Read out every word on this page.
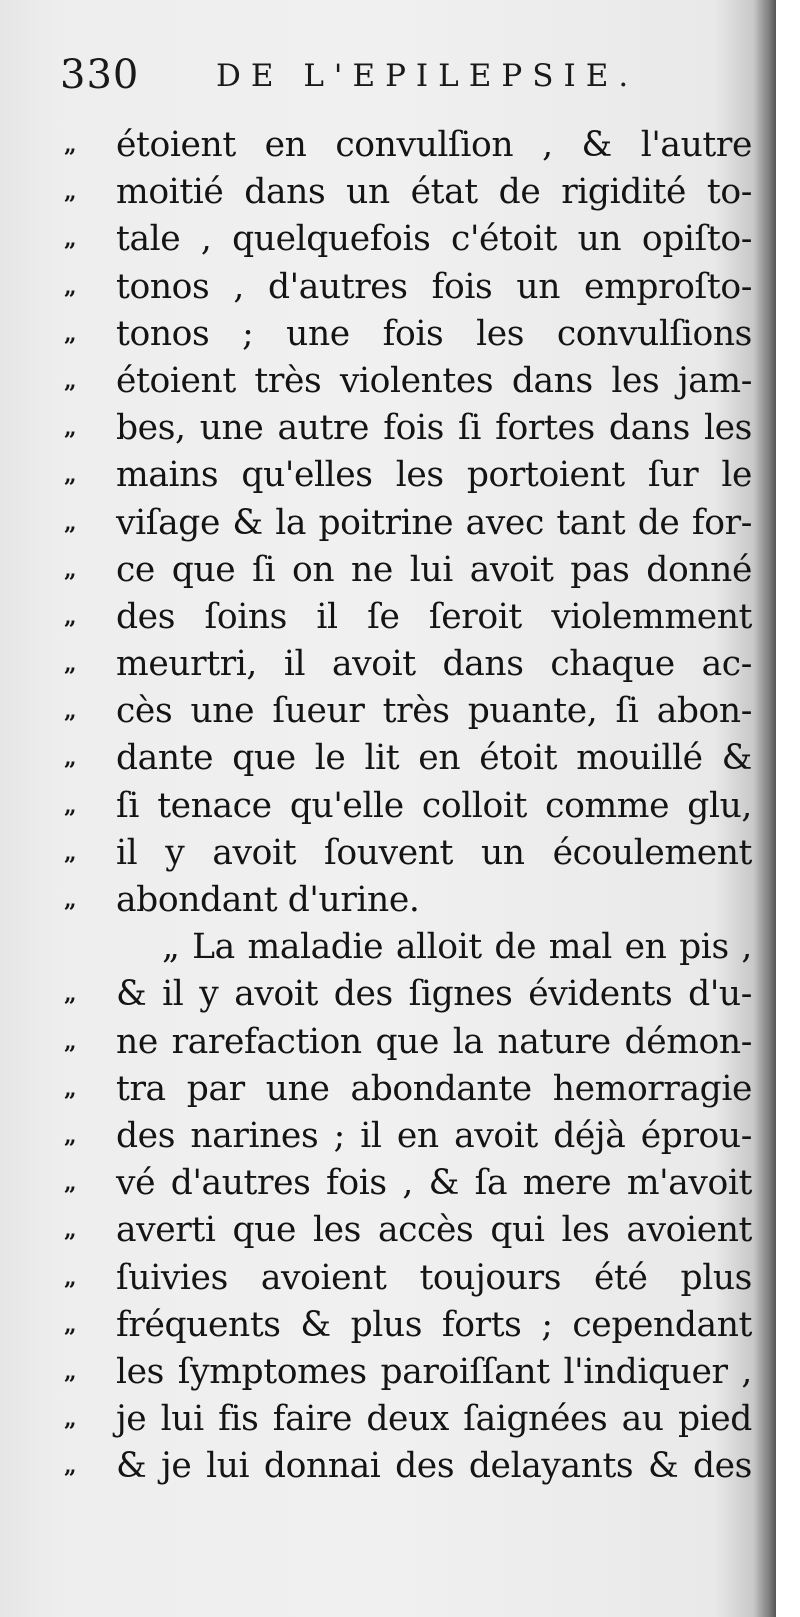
330 DE L'EPILEPSIE.
„	étoient en convulſion , & l'autre
„	moitié dans un état de rigidité to-
„	tale , quelquefois c'étoit un opiſto-
„	tonos , d'autres fois un emproſto-
„	tonos ; une fois les convulſions
„	étoient très violentes dans les jam-
„	bes, une autre fois ſi fortes dans les
„	mains qu'elles les portoient ſur le
„	viſage & la poitrine avec tant de for-
„	ce que ſi on ne lui avoit pas donné
„	des ſoins il ſe ſeroit violemment
„	meurtri, il avoit dans chaque ac-
„	cès une ſueur très puante, ſi abon-
„	dante que le lit en étoit mouillé &
„	ſi tenace qu'elle colloit comme glu,
„	il y avoit ſouvent un écoulement
„	abondant d'urine.
„ La maladie alloit de mal en pis ,
„	& il y avoit des ſignes évidents d'u-
„	ne rarefaction que la nature démon-
„	tra par une abondante hemorragie
„	des narines ; il en avoit déjà éprou-
„	vé d'autres fois , & ſa mere m'avoit
„	averti que les accès qui les avoient
„	ſuivies avoient toujours été plus
„	fréquents & plus forts ; cependant
„	les ſymptomes paroiſſant l'indiquer ,
„	je lui fis faire deux ſaignées au pied
„	& je lui donnai des delayants & des
